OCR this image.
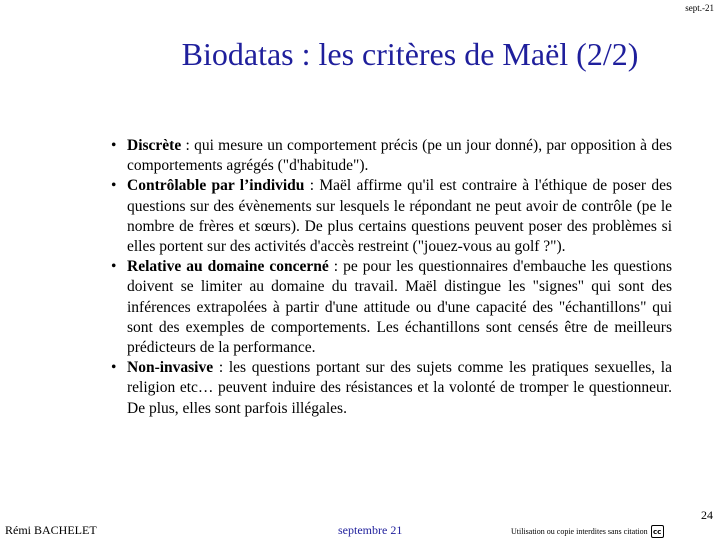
sept.-21
Biodatas : les critères de Maël (2/2)
• Discrète : qui mesure un comportement précis (pe un jour donné), par opposition à des comportements agrégés ("d'habitude").
• Contrôlable par l’individu : Maël affirme qu'il est contraire à l'éthique de poser des questions sur des évènements sur lesquels le répondant ne peut avoir de contrôle (pe le nombre de frères et sœurs). De plus certains questions peuvent poser des problèmes si elles portent sur des activités d'accès restreint ("jouez-vous au golf ?").
• Relative au domaine concerné : pe pour les questionnaires d'embauche les questions doivent se limiter au domaine du travail. Maël distingue les "signes" qui sont des inférences extrapolées à partir d'une attitude ou d'une capacité des "échantillons" qui sont des exemples de comportements. Les échantillons sont censés être de meilleurs prédicteurs de la performance.
• Non-invasive : les questions portant sur des sujets comme les pratiques sexuelles, la religion etc… peuvent induire des résistances et la volonté de tromper le questionneur. De plus, elles sont parfois illégales.
24
Rémi BACHELET	septembre 21	Utilisation ou copie interdites sans citation cc
